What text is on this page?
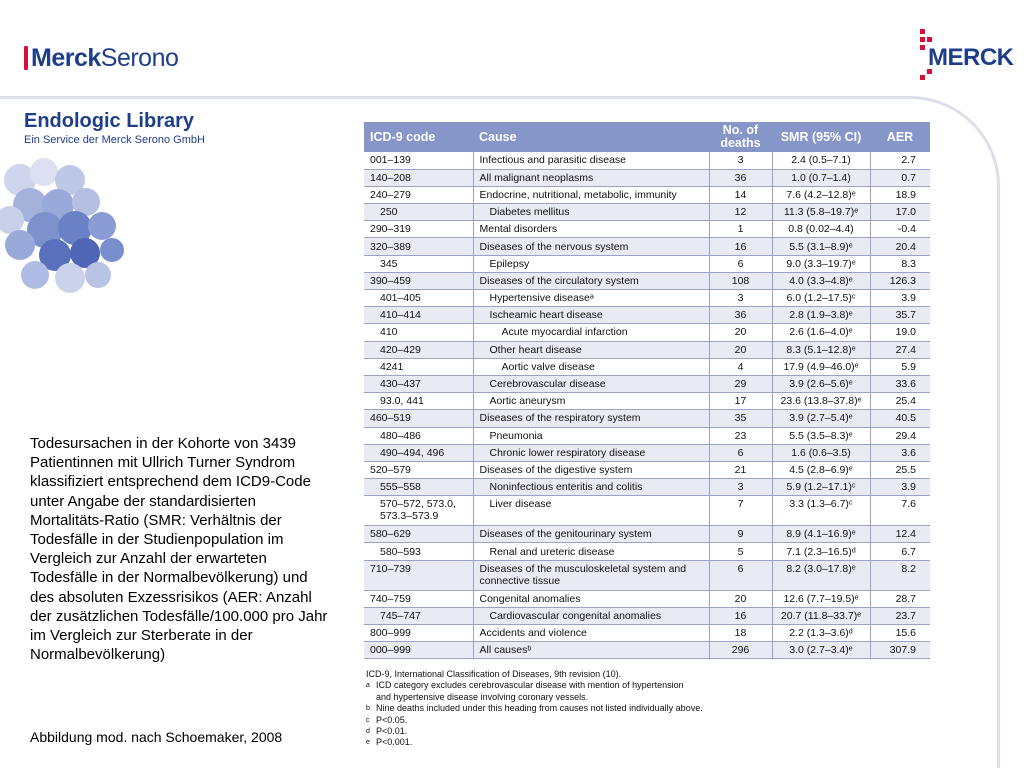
MerckSerono	MERCK
Endologic Library
Ein Service der Merck Serono GmbH
Todesursachen in der Kohorte von 3439 Patientinnen mit Ullrich Turner Syndrom klassifiziert entsprechend dem ICD9-Code unter Angabe der standardisierten Mortalitäts-Ratio (SMR: Verhältnis der Todesfälle in der Studienpopulation im Vergleich zur Anzahl der erwarteten Todesfälle in der Normalbevölkerung) und des absoluten Exzessrisikos (AER: Anzahl der zusätzlichen Todesfälle/100.000 pro Jahr im Vergleich zur Sterberate in der Normalbevölkerung)
Abbildung mod. nach Schoemaker, 2008
ICD-9 code	Cause	No. of deaths	SMR (95% CI)	AER
001–139	Infectious and parasitic disease	3	2.4 (0.5–7.1)	2.7
140–208	All malignant neoplasms	36	1.0 (0.7–1.4)	0.7
240–279	Endocrine, nutritional, metabolic, immunity	14	7.6 (4.2–12.8)ᵉ	18.9
250	Diabetes mellitus	12	11.3 (5.8–19.7)ᵉ	17.0
290–319	Mental disorders	1	0.8 (0.02–4.4)	-0.4
320–389	Diseases of the nervous system	16	5.5 (3.1–8.9)ᵉ	20.4
345	Epilepsy	6	9.0 (3.3–19.7)ᵉ	8.3
390–459	Diseases of the circulatory system	108	4.0 (3.3–4.8)ᵉ	126.3
401–405	Hypertensive diseaseᵃ	3	6.0 (1.2–17.5)ᶜ	3.9
410–414	Ischeamic heart disease	36	2.8 (1.9–3.8)ᵉ	35.7
410	Acute myocardial infarction	20	2.6 (1.6–4.0)ᵉ	19.0
420–429	Other heart disease	20	8.3 (5.1–12.8)ᵉ	27.4
4241	Aortic valve disease	4	17.9 (4.9–46.0)ᵉ	5.9
430–437	Cerebrovascular disease	29	3.9 (2.6–5.6)ᵉ	33.6
93.0, 441	Aortic aneurysm	17	23.6 (13.8–37.8)ᵉ	25.4
460–519	Diseases of the respiratory system	35	3.9 (2.7–5.4)ᵉ	40.5
480–486	Pneumonia	23	5.5 (3.5–8.3)ᵉ	29.4
490–494, 496	Chronic lower respiratory disease	6	1.6 (0.6–3.5)	3.6
520–579	Diseases of the digestive system	21	4.5 (2.8–6.9)ᵉ	25.5
555–558	Noninfectious enteritis and colitis	3	5.9 (1.2–17.1)ᶜ	3.9
570–572, 573.0, 573.3–573.9	Liver disease	7	3.3 (1.3–6.7)ᶜ	7.6
580–629	Diseases of the genitourinary system	9	8.9 (4.1–16.9)ᵉ	12.4
580–593	Renal and ureteric disease	5	7.1 (2.3–16.5)ᵈ	6.7
710–739	Diseases of the musculoskeletal system and connective tissue	6	8.2 (3.0–17.8)ᵉ	8.2
740–759	Congenital anomalies	20	12.6 (7.7–19.5)ᵉ	28.7
745–747	Cardiovascular congenital anomalies	16	20.7 (11.8–33.7)ᵉ	23.7
800–999	Accidents and violence	18	2.2 (1.3–3.6)ᵈ	15.6
000–999	All causesᵇ	296	3.0 (2.7–3.4)ᵉ	307.9
ICD-9, International Classification of Diseases, 9th revision (10).
a ICD category excludes cerebrovascular disease with mention of hypertension
and hypertensive disease involving coronary vessels.
b Nine deaths included under this heading from causes not listed individually above.
c P<0.05.
d P<0.01.
e P<0.001.
